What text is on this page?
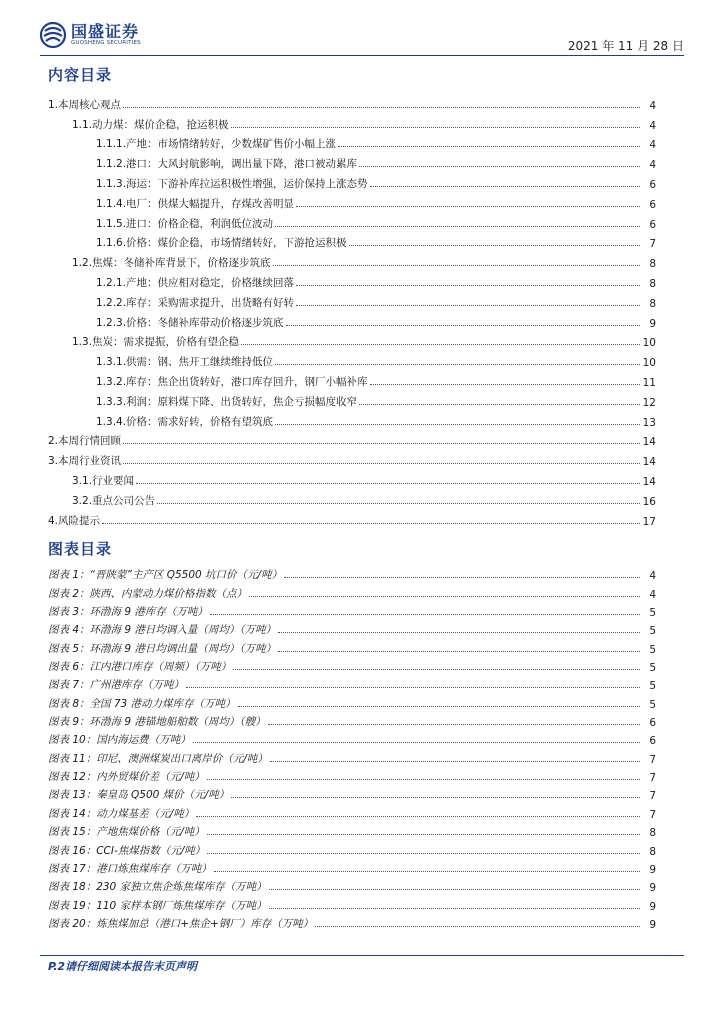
国盛证券
GUOSHENG SECURITIES	2021 年 11 月 28 日
内容目录
1.本周核心观点	4
1.1.动力煤：煤价企稳，抢运积极	4
1.1.1.产地：市场情绪转好，少数煤矿售价小幅上涨	4
1.1.2.港口：大风封航影响，调出量下降，港口被动累库	4
1.1.3.海运：下游补库拉运积极性增强，运价保持上涨态势	6
1.1.4.电厂：供煤大幅提升，存煤改善明显	6
1.1.5.进口：价格企稳，利润低位波动	6
1.1.6.价格：煤价企稳，市场情绪转好，下游抢运积极	7
1.2.焦煤：冬储补库背景下，价格逐步筑底	8
1.2.1.产地：供应相对稳定，价格继续回落	8
1.2.2.库存：采购需求提升，出货略有好转	8
1.2.3.价格：冬储补库带动价格逐步筑底	9
1.3.焦炭：需求提振，价格有望企稳	10
1.3.1.供需：钢、焦开工继续维持低位	10
1.3.2.库存：焦企出货转好，港口库存回升，钢厂小幅补库	11
1.3.3.利润：原料煤下降、出货转好，焦企亏损幅度收窄	12
1.3.4.价格：需求好转，价格有望筑底	13
2.本周行情回顾	14
3.本周行业资讯	14
3.1.行业要闻	14
3.2.重点公司公告	16
4.风险提示	17
图表目录
图表 1：“晋陕蒙”主产区 Q5500 坑口价（元/吨）	4
图表 2：陕西、内蒙动力煤价格指数（点）	4
图表 3：环渤海 9 港库存（万吨）	5
图表 4：环渤海 9 港日均调入量（周均）（万吨）	5
图表 5：环渤海 9 港日均调出量（周均）（万吨）	5
图表 6：江内港口库存（周频）（万吨）	5
图表 7：广州港库存（万吨）	5
图表 8：全国 73 港动力煤库存（万吨）	5
图表 9：环渤海 9 港锚地船舶数（周均）（艘）	6
图表 10：国内海运费（万吨）	6
图表 11：印尼、澳洲煤炭出口离岸价（元/吨）	7
图表 12：内外贸煤价差（元/吨）	7
图表 13：秦皇岛 Q500 煤价（元/吨）	7
图表 14：动力煤基差（元/吨）	7
图表 15：产地焦煤价格（元/吨）	8
图表 16：CCI-焦煤指数（元/吨）	8
图表 17：港口炼焦煤库存（万吨）	9
图表 18：230 家独立焦企炼焦煤库存（万吨）	9
图表 19：110 家样本钢厂炼焦煤库存（万吨）	9
图表 20：炼焦煤加总（港口+焦企+钢厂）库存（万吨）	9
P.2请仔细阅读本报告末页声明
